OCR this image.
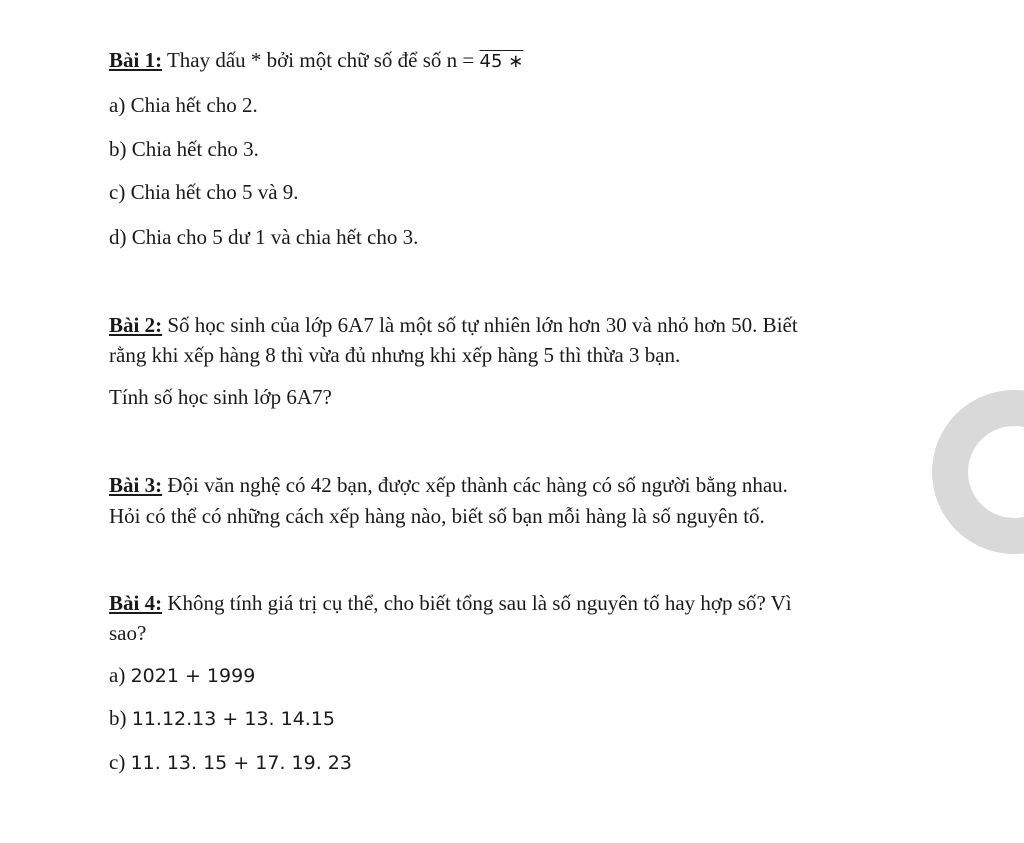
Bài 1: Thay dấu * bởi một chữ số để số n = 45 ∗
a) Chia hết cho 2.
b) Chia hết cho 3.
c) Chia hết cho 5 và 9.
d) Chia cho 5 dư 1 và chia hết cho 3.
Bài 2: Số học sinh của lớp 6A7 là một số tự nhiên lớn hơn 30 và nhỏ hơn 50. Biết
rằng khi xếp hàng 8 thì vừa đủ nhưng khi xếp hàng 5 thì thừa 3 bạn.
Tính số học sinh lớp 6A7?
Bài 3: Đội văn nghệ có 42 bạn, được xếp thành các hàng có số người bằng nhau.
Hỏi có thể có những cách xếp hàng nào, biết số bạn mỗi hàng là số nguyên tố.
Bài 4: Không tính giá trị cụ thể, cho biết tổng sau là số nguyên tố hay hợp số? Vì
sao?
a) 2021 + 1999
b) 11.12.13 + 13. 14.15
c) 11. 13. 15 + 17. 19. 23
